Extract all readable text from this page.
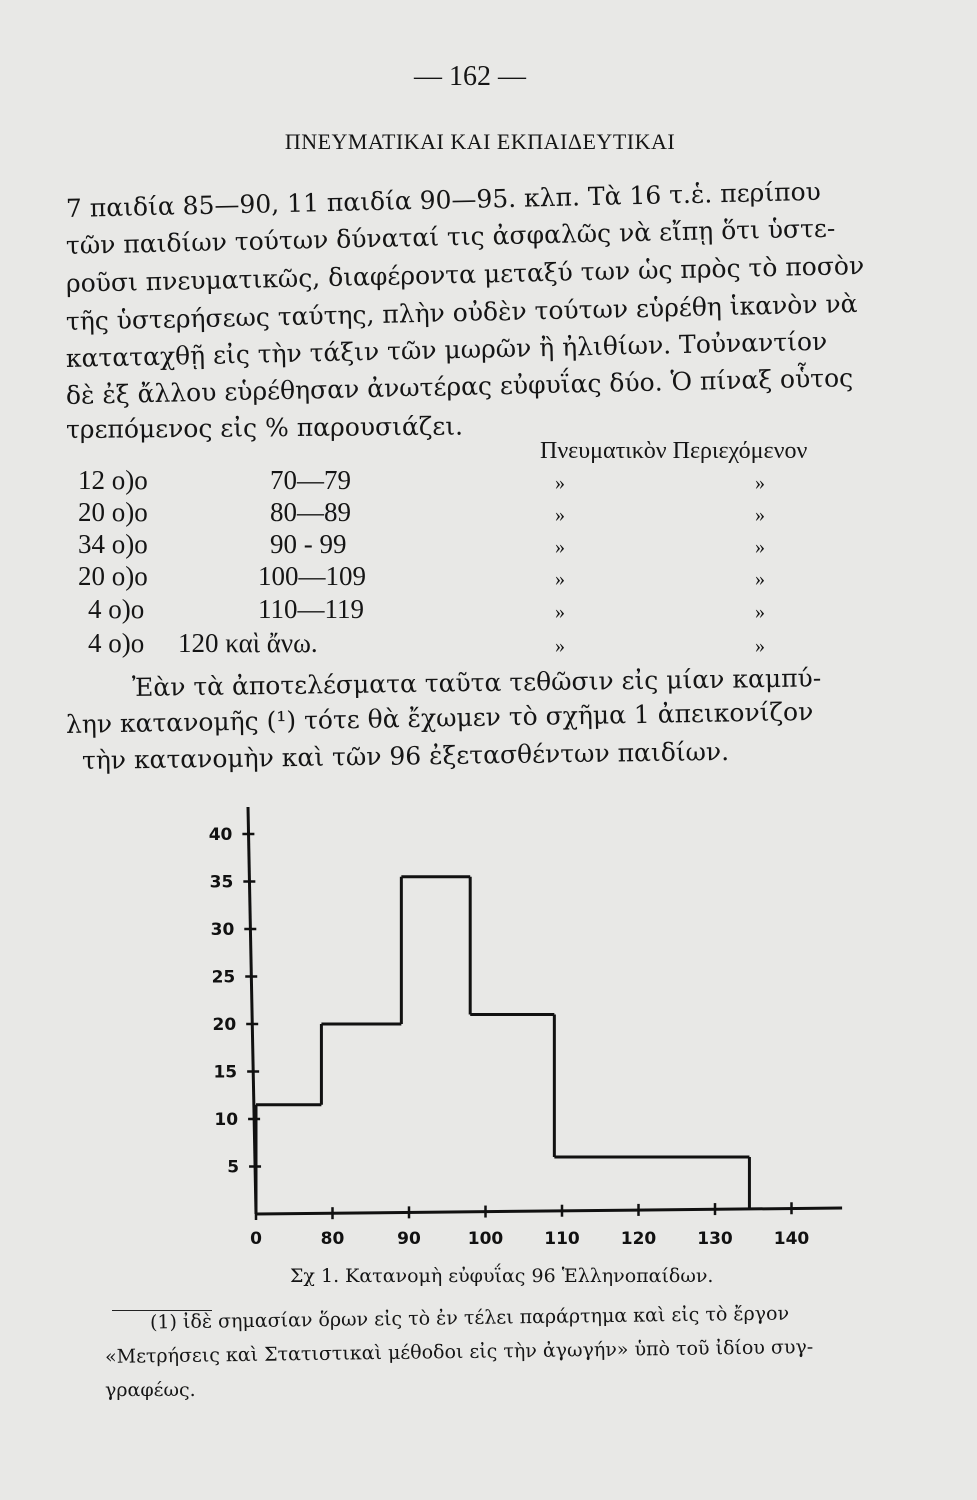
— 162 —
ΠΝΕΥΜΑΤΙΚΑΙ ΚΑΙ ΕΚΠΑΙΔΕΥΤΙΚΑΙ
7 παιδία 85—90, 11 παιδία 90—95. κλπ. Τὰ 16 τ.ἑ. περίπου
τῶν παιδίων τούτων δύναταί τις ἀσφαλῶς νὰ εἴπῃ ὅτι ὑστε-
ροῦσι πνευματικῶς, διαφέροντα μεταξύ των ὡς πρὸς τὸ ποσὸν
τῆς ὑστερήσεως ταύτης, πλὴν οὐδὲν τούτων εὑρέθη ἱκανὸν νὰ
καταταχθῇ εἰς τὴν τάξιν τῶν μωρῶν ἢ ἠλιθίων. Τοὐναντίον
δὲ ἐξ ἄλλου εὑρέθησαν ἀνωτέρας εὐφυΐας δύο. Ὁ πίναξ οὗτος
τρεπόμενος εἰς % παρουσιάζει.
Πνευματικὸν Περιεχόμενον
12 ο)ο	70—79	»	»
20 ο)ο	80—89	»	»
34 ο)ο	90 - 99	»	»
20 ο)ο	100—109	»	»
4 ο)ο	110—119	»	»
4 ο)ο 120 καὶ ἄνω.	»	»
Ἐὰν τὰ ἀποτελέσματα ταῦτα τεθῶσιν εἰς μίαν καμπύ-
λην κατανομῆς (¹) τότε θὰ ἔχωμεν τὸ σχῆμα 1 ἀπεικονίζον
τὴν κατανομὴν καὶ τῶν 96 ἐξετασθέντων παιδίων.
5
10
15
20
25
30
35
40
0	80	90	100 110 120 130 140
Σχ 1. Κατανομὴ εὐφυΐας 96 Ἑλληνοπαίδων.
(1) ἰδὲ σημασίαν ὅρων εἰς τὸ ἐν τέλει παράρτημα καὶ εἰς τὸ ἔργον
«Μετρήσεις καὶ Στατιστικαὶ μέθοδοι εἰς τὴν ἀγωγήν» ὑπὸ τοῦ ἰδίου συγ-
γραφέως.
